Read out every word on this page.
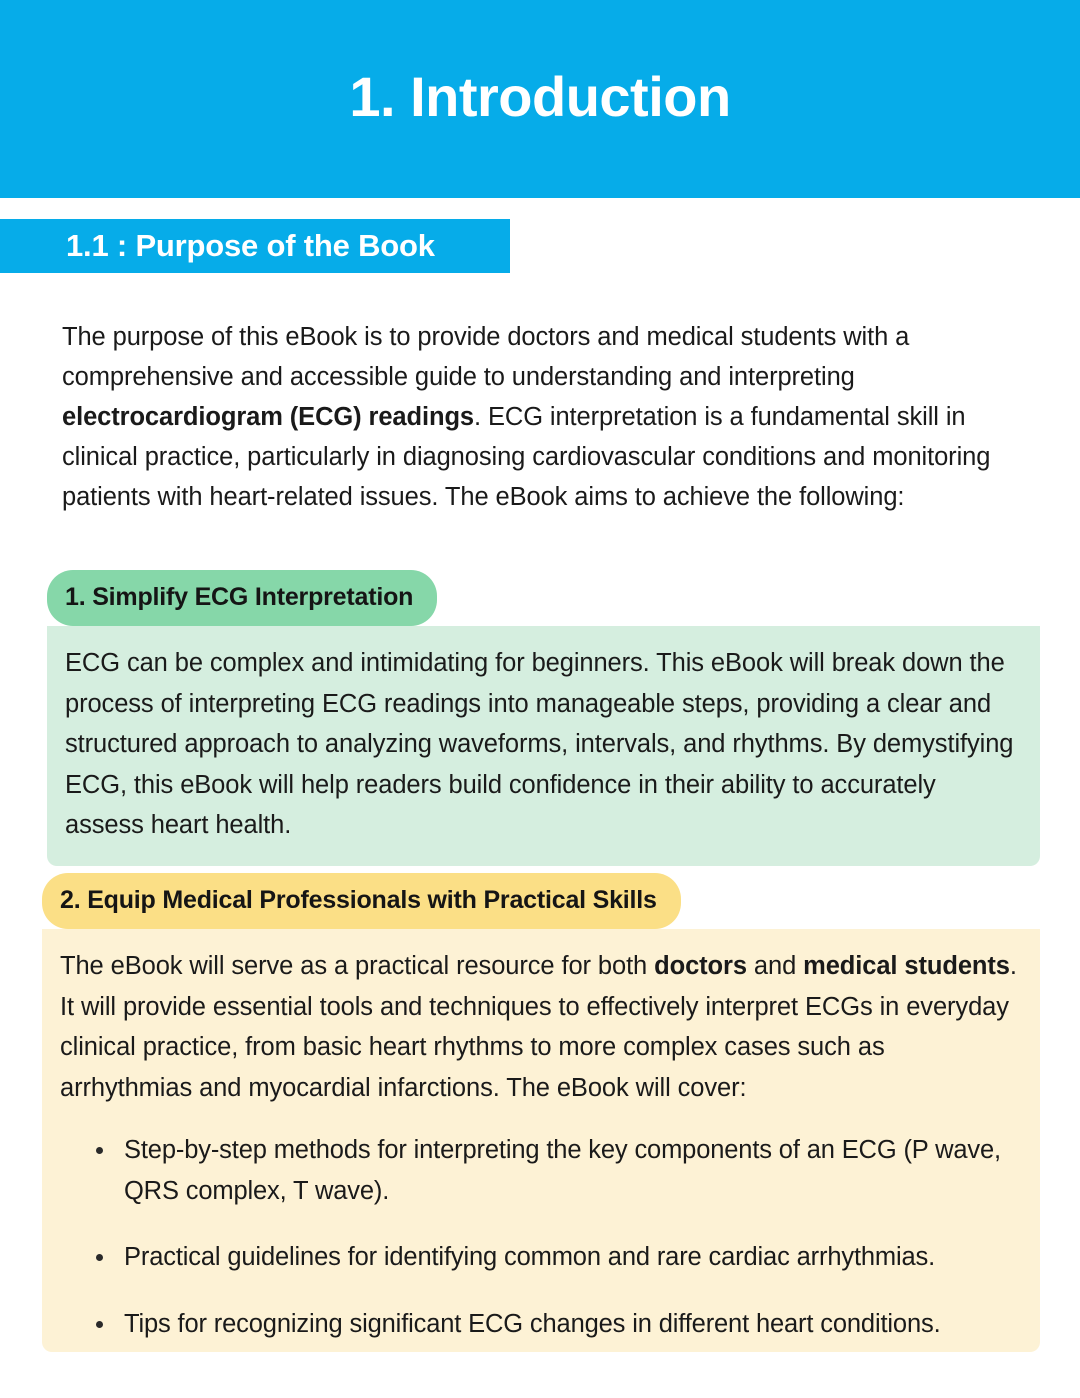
1. Introduction
1.1 : Purpose of the Book

The purpose of this eBook is to provide doctors and medical students with a comprehensive and accessible guide to understanding and interpreting electrocardiogram (ECG) readings. ECG interpretation is a fundamental skill in clinical practice, particularly in diagnosing cardiovascular conditions and monitoring patients with heart-related issues. The eBook aims to achieve the following:

1. Simplify ECG Interpretation
ECG can be complex and intimidating for beginners. This eBook will break down the process of interpreting ECG readings into manageable steps, providing a clear and structured approach to analyzing waveforms, intervals, and rhythms. By demystifying ECG, this eBook will help readers build confidence in their ability to accurately assess heart health.
2. Equip Medical Professionals with Practical Skills
The eBook will serve as a practical resource for both doctors and medical students. It will provide essential tools and techniques to effectively interpret ECGs in everyday clinical practice, from basic heart rhythms to more complex cases such as arrhythmias and myocardial infarctions. The eBook will cover:
Step-by-step methods for interpreting the key components of an ECG (P wave, QRS complex, T wave).
Practical guidelines for identifying common and rare cardiac arrhythmias.
Tips for recognizing significant ECG changes in different heart conditions.
